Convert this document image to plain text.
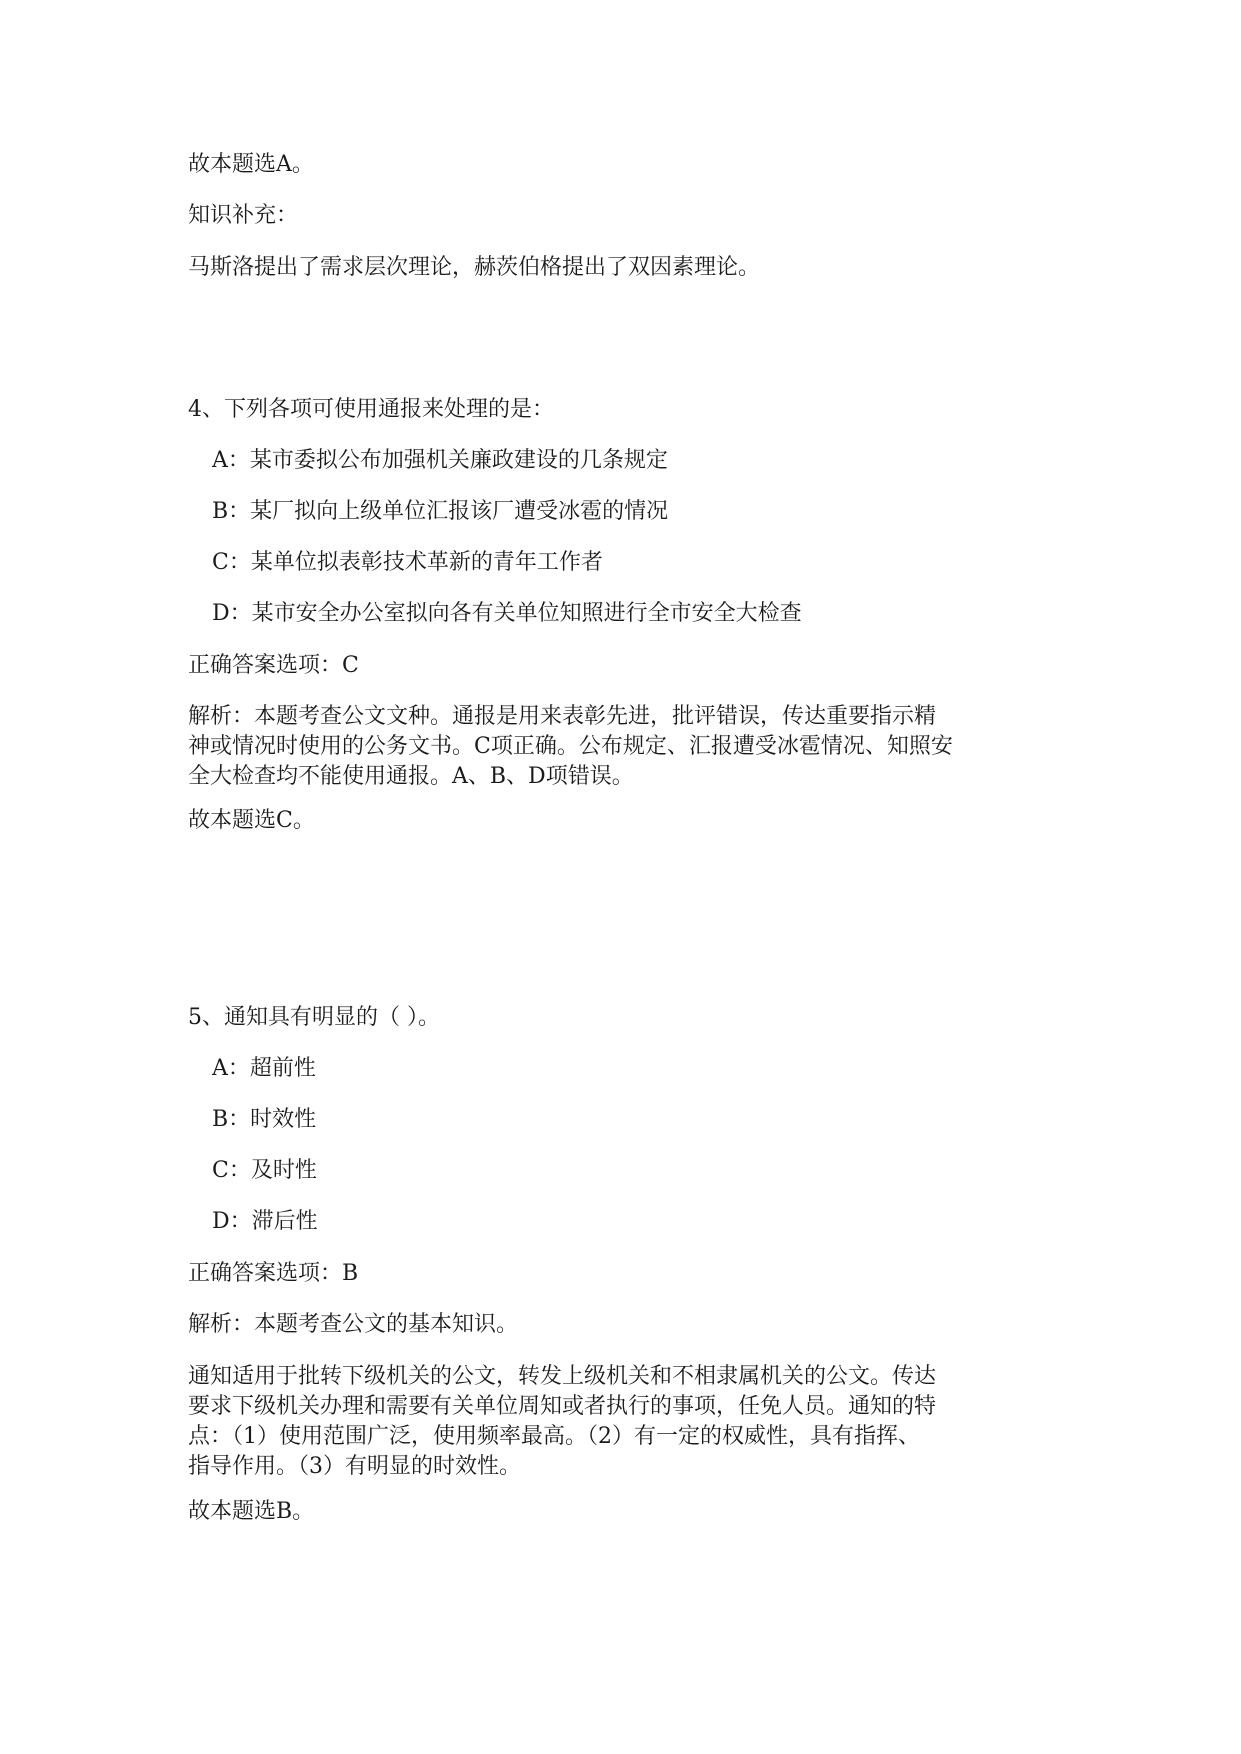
故本题选A。

知识补充：

马斯洛提出了需求层次理论，赫茨伯格提出了双因素理论。

4、下列各项可使用通报来处理的是：

A：某市委拟公布加强机关廉政建设的几条规定

B：某厂拟向上级单位汇报该厂遭受冰雹的情况

C：某单位拟表彰技术革新的青年工作者

D：某市安全办公室拟向各有关单位知照进行全市安全大检查

正确答案选项：C

解析：本题考查公文文种。通报是用来表彰先进，批评错误，传达重要指示精
神或情况时使用的公务文书。C项正确。公布规定、汇报遭受冰雹情况、知照安
全大检查均不能使用通报。A、B、D项错误。

故本题选C。

5、通知具有明显的（ ）。

A：超前性

B：时效性

C：及时性

D：滞后性

正确答案选项：B

解析：本题考查公文的基本知识。

通知适用于批转下级机关的公文，转发上级机关和不相隶属机关的公文。传达
要求下级机关办理和需要有关单位周知或者执行的事项，任免人员。通知的特
点：（1）使用范围广泛，使用频率最高。（2）有一定的权威性，具有指挥、
指导作用。（3）有明显的时效性。

故本题选B。
